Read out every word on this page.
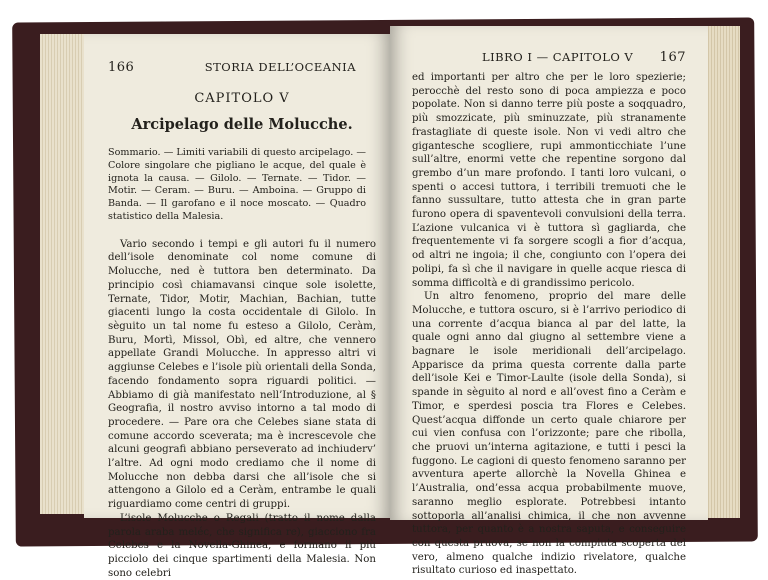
166	STORIA DELL’OCEANIA
CAPITOLO V
Arcipelago delle Molucche.

Sommario. — Limiti variabili di questo arcipelago. — Colore singolare che pigliano le acque, del quale è ignota la causa. — Gilolo. — Ternate. — Tidor. — Motir. — Ceram. — Buru. — Amboina. — Gruppo di Banda. — Il garofano e il noce moscato. — Quadro statistico della Malesia.

Vario secondo i tempi e gli autori fu il numero dell’isole denominate col nome comune di Molucche, ned è tuttora ben determinato. Da principio così chiamavansi cinque sole isolette, Ternate, Tidor, Motir, Machian, Bachian, tutte giacenti lungo la costa occidentale di Gilolo. In sèguito un tal nome fu esteso a Gilolo, Ceràm, Buru, Mortì, Missol, Obì, ed altre, che vennero appellate Grandi Molucche. In appresso altri vi aggiunse Celebes e l’isole più orientali della Sonda, facendo fondamento sopra riguardi politici. — Abbiamo di già manifestato nell’Introduzione, al § Geografia, il nostro avviso intorno a tal modo di procedere. — Pare ora che Celebes siane stata di comune accordo sceverata; ma è increscevole che alcuni geografi abbiano perseverato ad inchiuderv’ l’altre. Ad ogni modo crediamo che il nome di Molucche non debba darsi che all’isole che si attengono a Gilolo ed a Ceràm, entrambe le quali riguardiamo come centri di gruppi.

L’isole Molucche o Regali (tratto il nome dalla parola araba meléc, che significa re), giacciono fra Celebes e la Novella-Ghinea, e formano il più picciolo dei cinque spartimenti della Malesia. Non sono celebri

LIBRO I — CAPITOLO V 167

ed importanti per altro che per le loro spezierie; perocchè del resto sono di poca ampiezza e poco popolate. Non si danno terre più poste a soqquadro, più smozzicate, più sminuzzate, più stranamente frastagliate di queste isole. Non vi vedi altro che gigantesche scogliere, rupi ammonticchiate l’une sull’altre, enormi vette che repentine sorgono dal grembo d’un mare profondo. I tanti loro vulcani, o spenti o accesi tuttora, i terribili tremuoti che le fanno sussultare, tutto attesta che in gran parte furono opera di spaventevoli convulsioni della terra. L’azione vulcanica vi è tuttora sì gagliarda, che frequentemente vi fa sorgere scogli a fior d’acqua, od altri ne ingoia; il che, congiunto con l’opera dei polipi, fa sì che il navigare in quelle acque riesca di somma difficoltà e di grandissimo pericolo.

Un altro fenomeno, proprio del mare delle Molucche, e tuttora oscuro, si è l’arrivo periodico di una corrente d’acqua bianca al par del latte, la quale ogni anno dal giugno al settembre viene a bagnare le isole meridionali dell’arcipelago. Apparisce da prima questa corrente dalla parte dell’isole Kei e Timor-Laulte (isole della Sonda), si spande in sèguito al nord e all’ovest fino a Ceràm e Timor, e sperdesi poscia tra Flores e Celebes. Quest’acqua diffonde un certo quale chiarore per cui vien confusa con l’orizzonte; pare che ribolla, che pruovi un’interna agitazione, e tutti i pesci la fuggono. Le cagioni di questo fenomeno saranno per avventura aperte allorchè la Novella Ghinea e l’Australia, ond’essa acqua probabilmente muove, saranno meglio esplorate. Potrebbesi intanto sottoporla all’analisi chimica, il che non avvenne tuttora, per quanto è a nostra saputa, e conseguire con questa pruova, se non la compiuta scoperta del vero, almeno qualche indizio rivelatore, qualche risultato curioso ed inaspettato.
